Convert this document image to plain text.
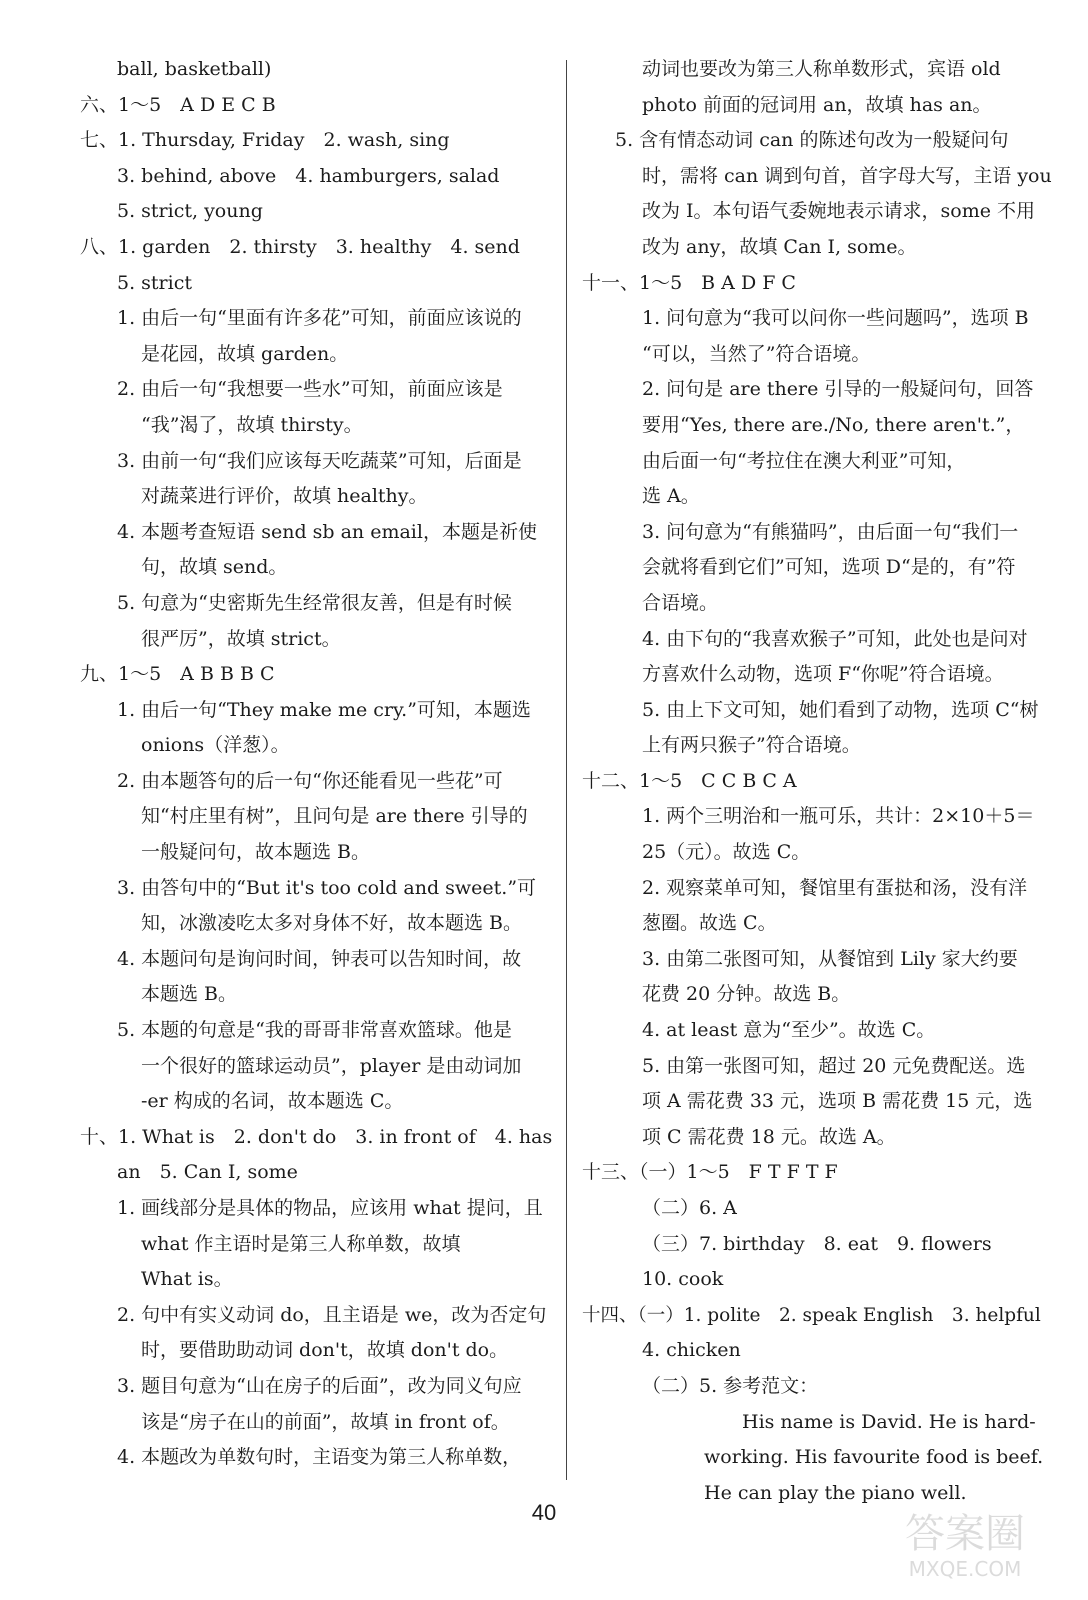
ball, basketball)
六、1～5　A D E C B
七、1. Thursday, Friday　2. wash, sing
3. behind, above　4. hamburgers, salad
5. strict, young
八、1. garden　2. thirsty　3. healthy　4. send
5. strict
1. 由后一句“里面有许多花”可知，前面应该说的
是花园，故填 garden。
2. 由后一句“我想要一些水”可知，前面应该是
“我”渴了，故填 thirsty。
3. 由前一句“我们应该每天吃蔬菜”可知，后面是
对蔬菜进行评价，故填 healthy。
4. 本题考查短语 send sb an email，本题是祈使
句，故填 send。
5. 句意为“史密斯先生经常很友善，但是有时候
很严厉”，故填 strict。
九、1～5　A B B B C
1. 由后一句“They make me cry.”可知，本题选
onions（洋葱）。
2. 由本题答句的后一句“你还能看见一些花”可
知“村庄里有树”，且问句是 are there 引导的
一般疑问句，故本题选 B。
3. 由答句中的“But it's too cold and sweet.”可
知，冰激凌吃太多对身体不好，故本题选 B。
4. 本题问句是询问时间，钟表可以告知时间，故
本题选 B。
5. 本题的句意是“我的哥哥非常喜欢篮球。他是
一个很好的篮球运动员”，player 是由动词加
-er 构成的名词，故本题选 C。
十、1. What is　2. don't do　3. in front of　4. has
an　5. Can I, some
1. 画线部分是具体的物品，应该用 what 提问，且
what 作主语时是第三人称单数，故填
What is。
2. 句中有实义动词 do，且主语是 we，改为否定句
时，要借助助动词 don't，故填 don't do。
3. 题目句意为“山在房子的后面”，改为同义句应
该是“房子在山的前面”，故填 in front of。
4. 本题改为单数句时，主语变为第三人称单数，
动词也要改为第三人称单数形式，宾语 old
photo 前面的冠词用 an，故填 has an。
5. 含有情态动词 can 的陈述句改为一般疑问句
时，需将 can 调到句首，首字母大写，主语 you
改为 I。本句语气委婉地表示请求，some 不用
改为 any，故填 Can I, some。
十一、1～5　B A D F C
1. 问句意为“我可以问你一些问题吗”，选项 B
“可以，当然了”符合语境。
2. 问句是 are there 引导的一般疑问句，回答
要用“Yes, there are./No, there aren't.”，
由后面一句“考拉住在澳大利亚”可知，
选 A。
3. 问句意为“有熊猫吗”，由后面一句“我们一
会就将看到它们”可知，选项 D“是的，有”符
合语境。
4. 由下句的“我喜欢猴子”可知，此处也是问对
方喜欢什么动物，选项 F“你呢”符合语境。
5. 由上下文可知，她们看到了动物，选项 C“树
上有两只猴子”符合语境。
十二、1～5　C C B C A
1. 两个三明治和一瓶可乐，共计：2×10＋5＝
25（元）。故选 C。
2. 观察菜单可知，餐馆里有蛋挞和汤，没有洋
葱圈。故选 C。
3. 由第二张图可知，从餐馆到 Lily 家大约要
花费 20 分钟。故选 B。
4. at least 意为“至少”。故选 C。
5. 由第一张图可知，超过 20 元免费配送。选
项 A 需花费 33 元，选项 B 需花费 15 元，选
项 C 需花费 18 元。故选 A。
十三、（一）1～5　F T F T F
（二）6. A
（三）7. birthday　8. eat　9. flowers
10. cook
十四、（一）1. polite　2. speak English　3. helpful
4. chicken
（二）5. 参考范文：
His name is David. He is hard-
working. His favourite food is beef.
He can play the piano well.
40	答案圈
MXQE.COM
